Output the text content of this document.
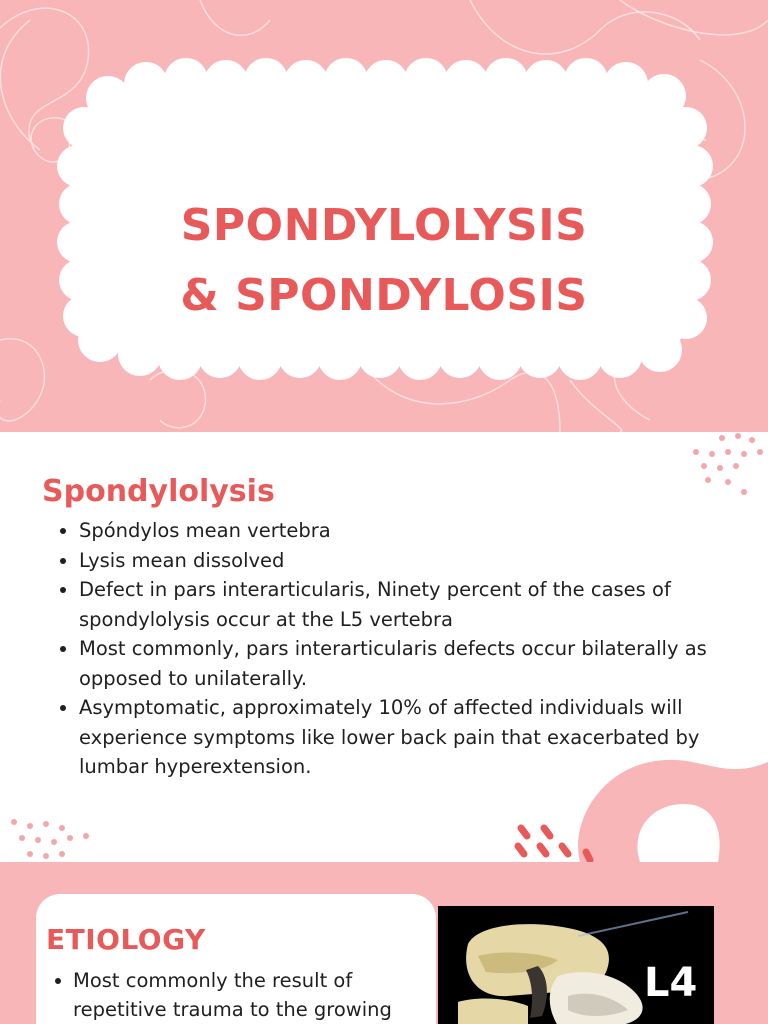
SPONDYLOLYSIS
& SPONDYLOSIS
Spondylolysis
Spóndylos mean vertebra
Lysis mean dissolved
Defect in pars interarticularis, Ninety percent of the cases of spondylolysis occur at the L5 vertebra
Most commonly, pars interarticularis defects occur bilaterally as opposed to unilaterally.
Asymptomatic, approximately 10% of affected individuals will experience symptoms like lower back pain that exacerbated by lumbar hyperextension.
ETIOLOGY
Most commonly the result of repetitive trauma to the growing
L4
